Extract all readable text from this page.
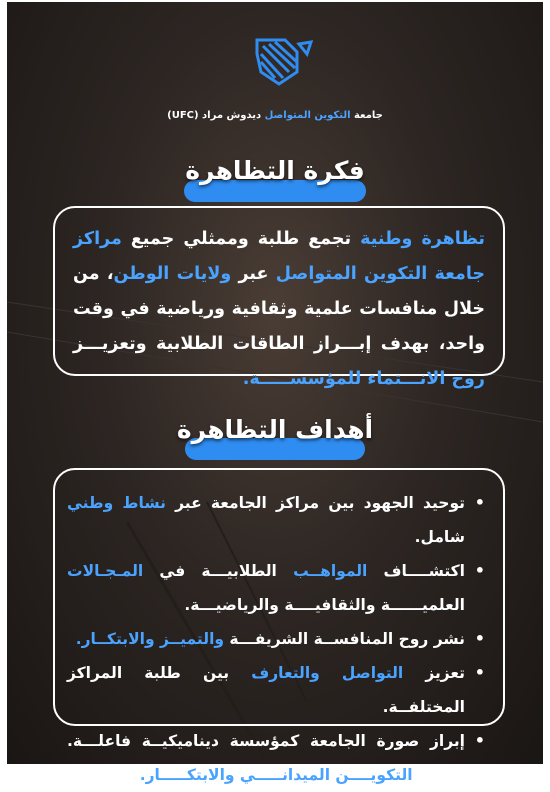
جامعة التكوين المتواصل ديدوش مراد (UFC)
فكرة التظاهرة

تظاهرة وطنية تجمع طلبة وممثلي جميع مراكز جامعة التكوين المتواصل عبر ولايات الوطن، من خلال منافسات علمية وثقافية ورياضية في وقت واحد، بهدف إبـــراز الطاقات الطلابية وتعزيـــز روح الانـــتماء للمؤسســـــة.

أهداف التظاهرة
•
توحيد الجهود بين مراكز الجامعة عبر نشاط وطني شامل.
•
اكتشــــاف المواهــب الطلابيـــة في المـجـالات العلميــــــة والثقافيــــة والرياضيـــة.
•
نشر روح المنافســة الشريفـــة والتميــز والابتكــار.
•
تعزيز التواصل والتعارف بين طلبة المراكز المختلفــة.
•
إبراز صورة الجامعة كمؤسسة ديناميكيــة فاعلـــة. فــــي التكويــــن الميدانـــــي والابتكـــــار.
